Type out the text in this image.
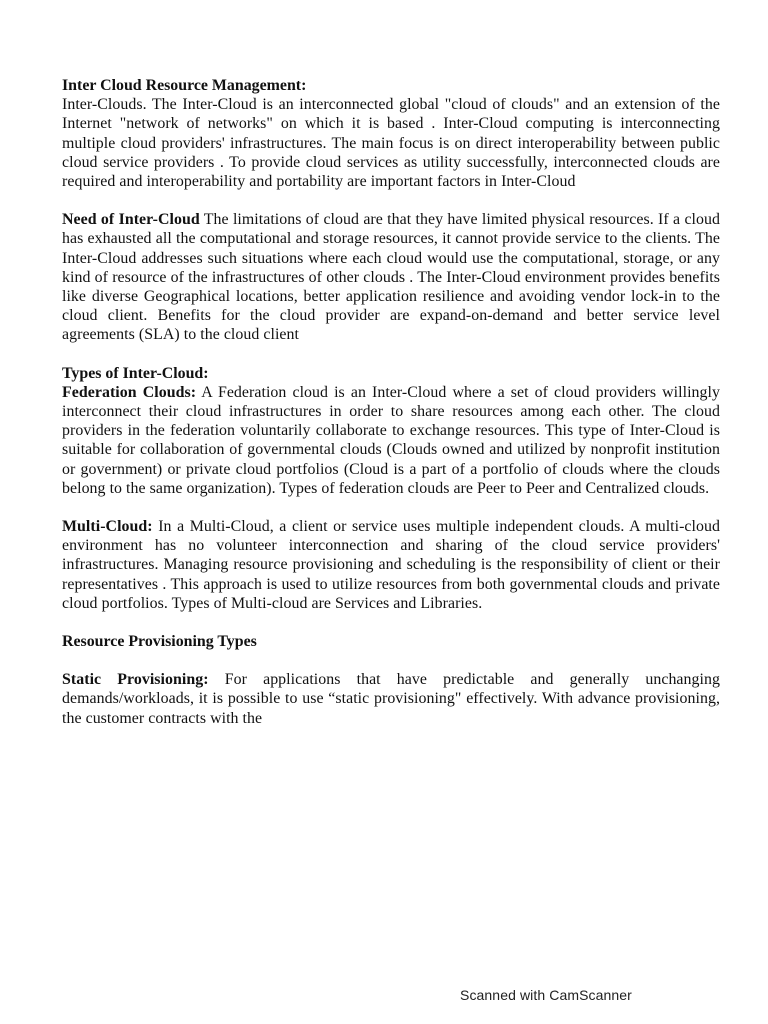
Inter Cloud Resource Management:

Inter-Clouds. The Inter-Cloud is an interconnected global "cloud of clouds" and an extension of the Internet "network of networks" on which it is based . Inter-Cloud computing is interconnecting multiple cloud providers' infrastructures. The main focus is on direct interoperability between public cloud service providers . To provide cloud services as utility successfully, interconnected clouds are required and interoperability and portability are important factors in Inter-Cloud

Need of Inter-Cloud The limitations of cloud are that they have limited physical resources. If a cloud has exhausted all the computational and storage resources, it cannot provide service to the clients. The Inter-Cloud addresses such situations where each cloud would use the computational, storage, or any kind of resource of the infrastructures of other clouds . The Inter-Cloud environment provides benefits like diverse Geographical locations, better application resilience and avoiding vendor lock-in to the cloud client. Benefits for the cloud provider are expand-on-demand and better service level agreements (SLA) to the cloud client

Types of Inter-Cloud:

Federation Clouds: A Federation cloud is an Inter-Cloud where a set of cloud providers willingly interconnect their cloud infrastructures in order to share resources among each other. The cloud providers in the federation voluntarily collaborate to exchange resources. This type of Inter-Cloud is suitable for collaboration of governmental clouds (Clouds owned and utilized by nonprofit institution or government) or private cloud portfolios (Cloud is a part of a portfolio of clouds where the clouds belong to the same organization). Types of federation clouds are Peer to Peer and Centralized clouds.

Multi-Cloud: In a Multi-Cloud, a client or service uses multiple independent clouds. A multi-cloud environment has no volunteer interconnection and sharing of the cloud service providers' infrastructures. Managing resource provisioning and scheduling is the responsibility of client or their representatives . This approach is used to utilize resources from both governmental clouds and private cloud portfolios. Types of Multi-cloud are Services and Libraries.

Resource Provisioning Types

Static Provisioning: For applications that have predictable and generally unchanging demands/workloads, it is possible to use “static provisioning" effectively. With advance provisioning, the customer contracts with the

Scanned with CamScanner
